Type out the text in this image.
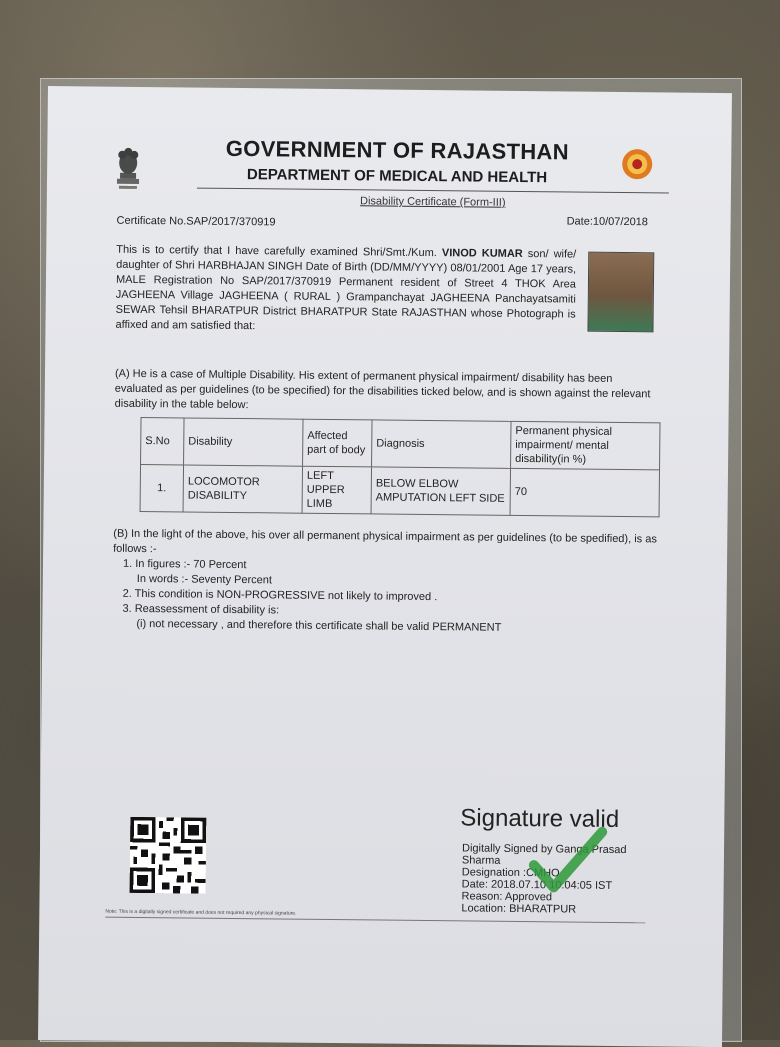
GOVERNMENT OF RAJASTHAN
DEPARTMENT OF MEDICAL AND HEALTH
Disability Certificate (Form-III)
Certificate No.SAP/2017/370919	Date:10/07/2018
This is to certify that I have carefully examined Shri/Smt./Kum. VINOD KUMAR son/ wife/ daughter of Shri HARBHAJAN SINGH Date of Birth (DD/MM/YYYY) 08/01/2001 Age 17 years, MALE Registration No SAP/2017/370919 Permanent resident of Street 4 THOK Area JAGHEENA Village JAGHEENA ( RURAL ) Grampanchayat JAGHEENA Panchayatsamiti SEWAR Tehsil BHARATPUR District BHARATPUR State RAJASTHAN whose Photograph is affixed and am satisfied that:
(A) He is a case of Multiple Disability. His extent of permanent physical impairment/ disability has been evaluated as per guidelines (to be specified) for the disabilities ticked below, and is shown against the relevant disability in the table below:
S.No	Disability	Affected part of body	Diagnosis	Permanent physical impairment/ mental disability(in %)
1.	LOCOMOTOR DISABILITY	LEFT UPPER LIMB	BELOW ELBOW AMPUTATION LEFT SIDE	70
(B) In the light of the above, his over all permanent physical impairment as per guidelines (to be spedified), is as follows :-
1. In figures :- 70 Percent
In words :- Seventy Percent
2. This condition is NON-PROGRESSIVE not likely to improved .
3. Reassessment of disability is:
(i) not necessary , and therefore this certificate shall be valid PERMANENT
Signature valid
Digitally Signed by Ganga Prasad Sharma
Designation :CMHO
Date: 2018.07.10 10:04:05 IST
Reason: Approved
Location: BHARATPUR
Note: This is a digitally signed certificate and does not required any physical signature.
